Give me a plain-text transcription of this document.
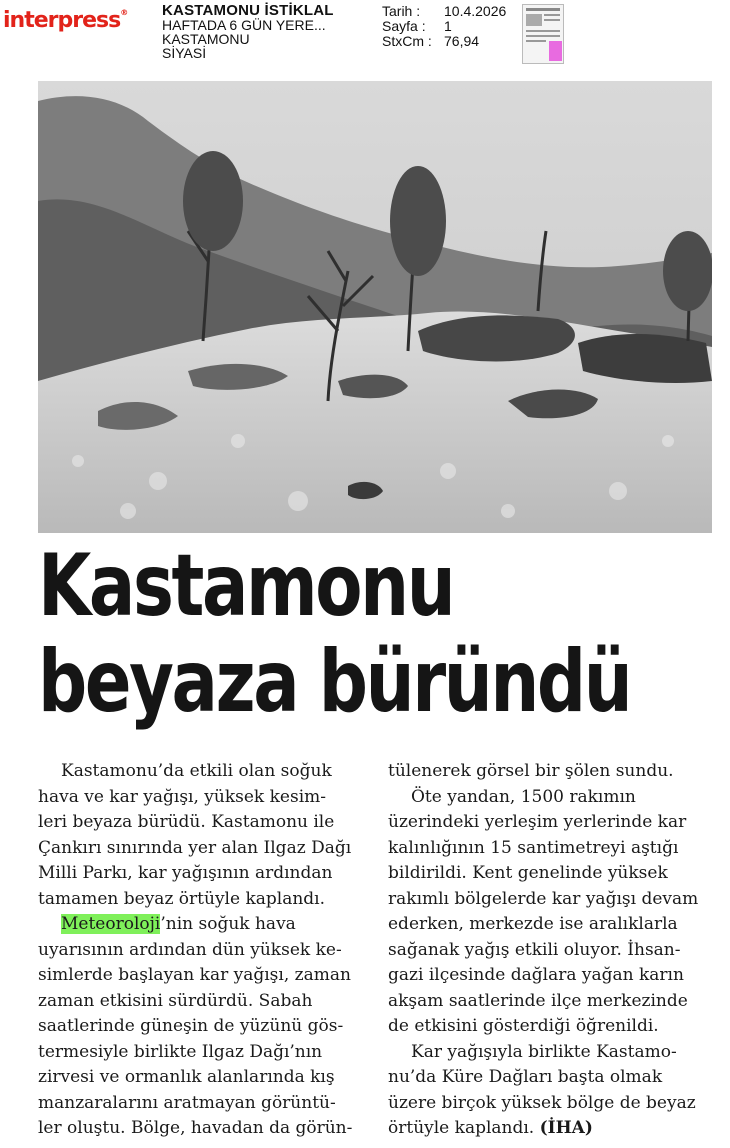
interpress® KASTAMONU İSTİKLAL
HAFTADA 6 GÜN YERE...
KASTAMONU
SİYASİ
Tarih :	10.4.2026
Sayfa :	1
StxCm : 76,94
Kastamonu
beyaza büründü
Kastamonu’da etkili olan soğuk
hava ve kar yağışı, yüksek kesim-
leri beyaza bürüdü. Kastamonu ile
Çankırı sınırında yer alan Ilgaz Dağı
Milli Parkı, kar yağışının ardından
tamamen beyaz örtüyle kaplandı.
Meteoroloji’nin soğuk hava
uyarısının ardından dün yüksek ke-
simlerde başlayan kar yağışı, zaman
zaman etkisini sürdürdü. Sabah
saatlerinde güneşin de yüzünü gös-
termesiyle birlikte Ilgaz Dağı’nın
zirvesi ve ormanlık alanlarında kış
manzaralarını aratmayan görüntü-
ler oluştu. Bölge, havadan da görün-
tülenerek görsel bir şölen sundu.
Öte yandan, 1500 rakımın
üzerindeki yerleşim yerlerinde kar
kalınlığının 15 santimetreyi aştığı
bildirildi. Kent genelinde yüksek
rakımlı bölgelerde kar yağışı devam
ederken, merkezde ise aralıklarla
sağanak yağış etkili oluyor. İhsan-
gazi ilçesinde dağlara yağan karın
akşam saatlerinde ilçe merkezinde
de etkisini gösterdiği öğrenildi.
Kar yağışıyla birlikte Kastamo-
nu’da Küre Dağları başta olmak
üzere birçok yüksek bölge de beyaz
örtüyle kaplandı. (İHA)
